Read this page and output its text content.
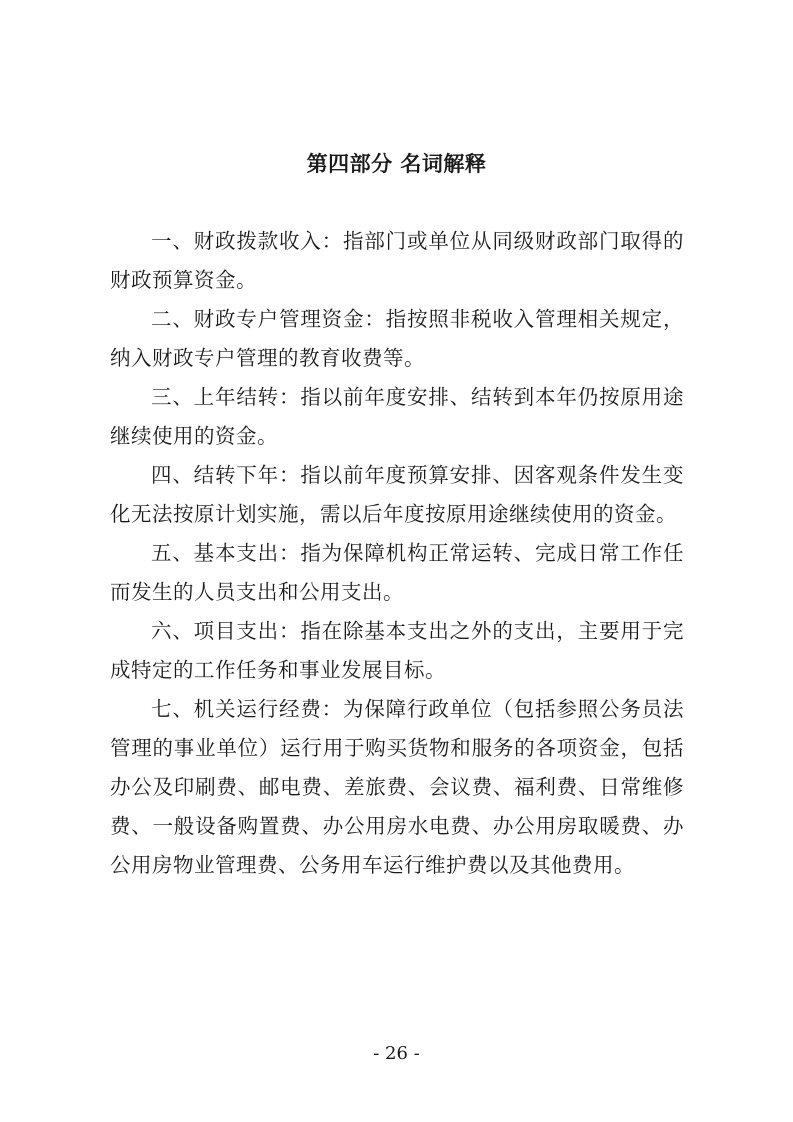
第四部分 名词解释

一、财政拨款收入：指部门或单位从同级财政部门取得的财政预算资金。

二、财政专户管理资金：指按照非税收入管理相关规定，纳入财政专户管理的教育收费等。

三、上年结转：指以前年度安排、结转到本年仍按原用途继续使用的资金。

四、结转下年：指以前年度预算安排、因客观条件发生变化无法按原计划实施，需以后年度按原用途继续使用的资金。

五、基本支出：指为保障机构正常运转、完成日常工作任而发生的人员支出和公用支出。

六、项目支出：指在除基本支出之外的支出，主要用于完成特定的工作任务和事业发展目标。

七、机关运行经费：为保障行政单位（包括参照公务员法管理的事业单位）运行用于购买货物和服务的各项资金，包括办公及印刷费、邮电费、差旅费、会议费、福利费、日常维修费、一般设备购置费、办公用房水电费、办公用房取暖费、办公用房物业管理费、公务用车运行维护费以及其他费用。

- 26 -
